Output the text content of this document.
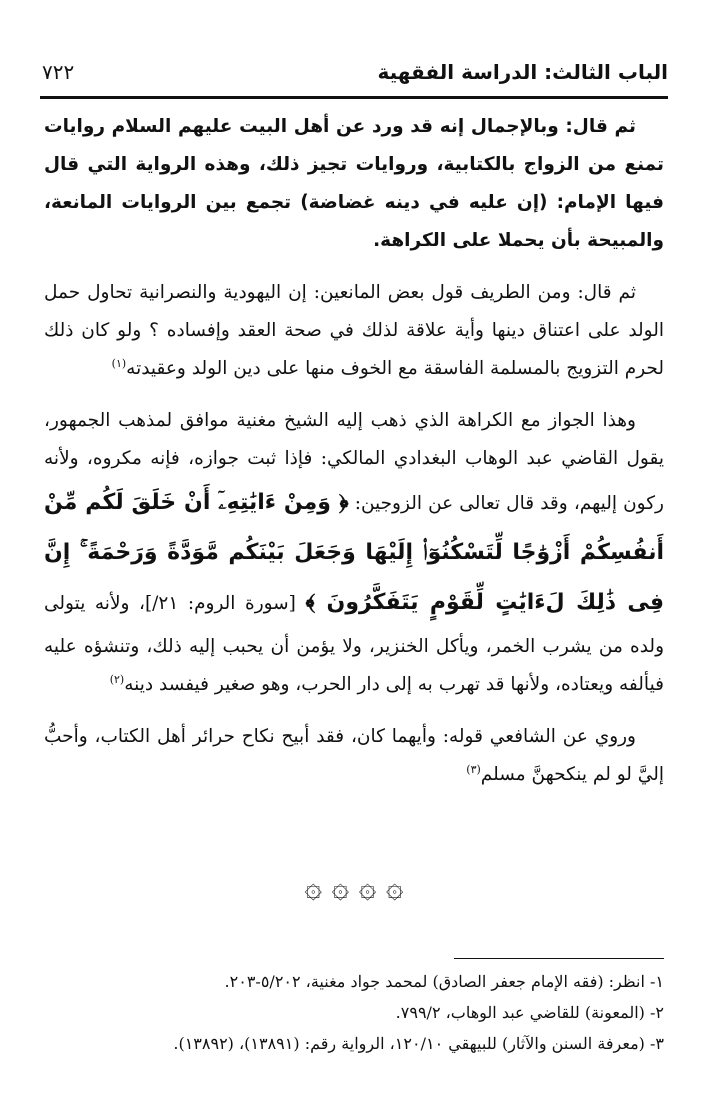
الباب الثالث: الدراسة الفقهية
٧٢٢

ثم قال: وبالإجمال إنه قد ورد عن أهل البيت عليهم السلام روايات تمنع من الزواج بالكتابية، وروايات تجيز ذلك، وهذه الرواية التي قال فيها الإمام: (إن عليه في دينه غضاضة) تجمع بين الروايات المانعة، والمبيحة بأن يحملا على الكراهة.

ثم قال: ومن الطريف قول بعض المانعين: إن اليهودية والنصرانية تحاول حمل الولد على اعتناق دينها وأية علاقة لذلك في صحة العقد وإفساده ؟ ولو كان ذلك لحرم التزويج بالمسلمة الفاسقة مع الخوف منها على دين الولد وعقيدته$^{(١)}$

وهذا الجواز مع الكراهة الذي ذهب إليه الشيخ مغنية موافق لمذهب الجمهور، يقول القاضي عبد الوهاب البغدادي المالكي: فإذا ثبت جوازه، فإنه مكروه، ولأنه ركون إليهم، وقد قال تعالى عن الزوجين: ﴿ وَمِنْ ءَايَٰتِهِۦٓ أَنْ خَلَقَ لَكُم مِّنْ أَنفُسِكُمْ أَزْوَٰجًا لِّتَسْكُنُوٓا۟ إِلَيْهَا وَجَعَلَ بَيْنَكُم مَّوَدَّةً وَرَحْمَةً ۚ إِنَّ فِى ذَٰلِكَ لَءَايَٰتٍ لِّقَوْمٍ يَتَفَكَّرُونَ ﴾ [سورة الروم: ٢١/]، ولأنه يتولى ولده من يشرب الخمر، ويأكل الخنزير، ولا يؤمن أن يحبب إليه ذلك، وتنشؤه عليه فيألفه ويعتاده، ولأنها قد تهرب به إلى دار الحرب، وهو صغير فيفسد دينه$^{(٢)}$

وروي عن الشافعي قوله: وأيهما كان، فقد أبيح نكاح حرائر أهل الكتاب، وأحبُّ إليَّ لو لم ينكحهنَّ مسلم$^{(٣)}$

۞ ۞ ۞ ۞

١- انظر: (فقه الإمام جعفر الصادق) لمحمد جواد مغنية، ٥/٢٠٢-٢٠٣.

٢- (المعونة) للقاضي عبد الوهاب، ٧٩٩/٢.

٣- (معرفة السنن والآثار) للبيهقي ١٢٠/١٠، الرواية رقم: (١٣٨٩١)، (١٣٨٩٢).
